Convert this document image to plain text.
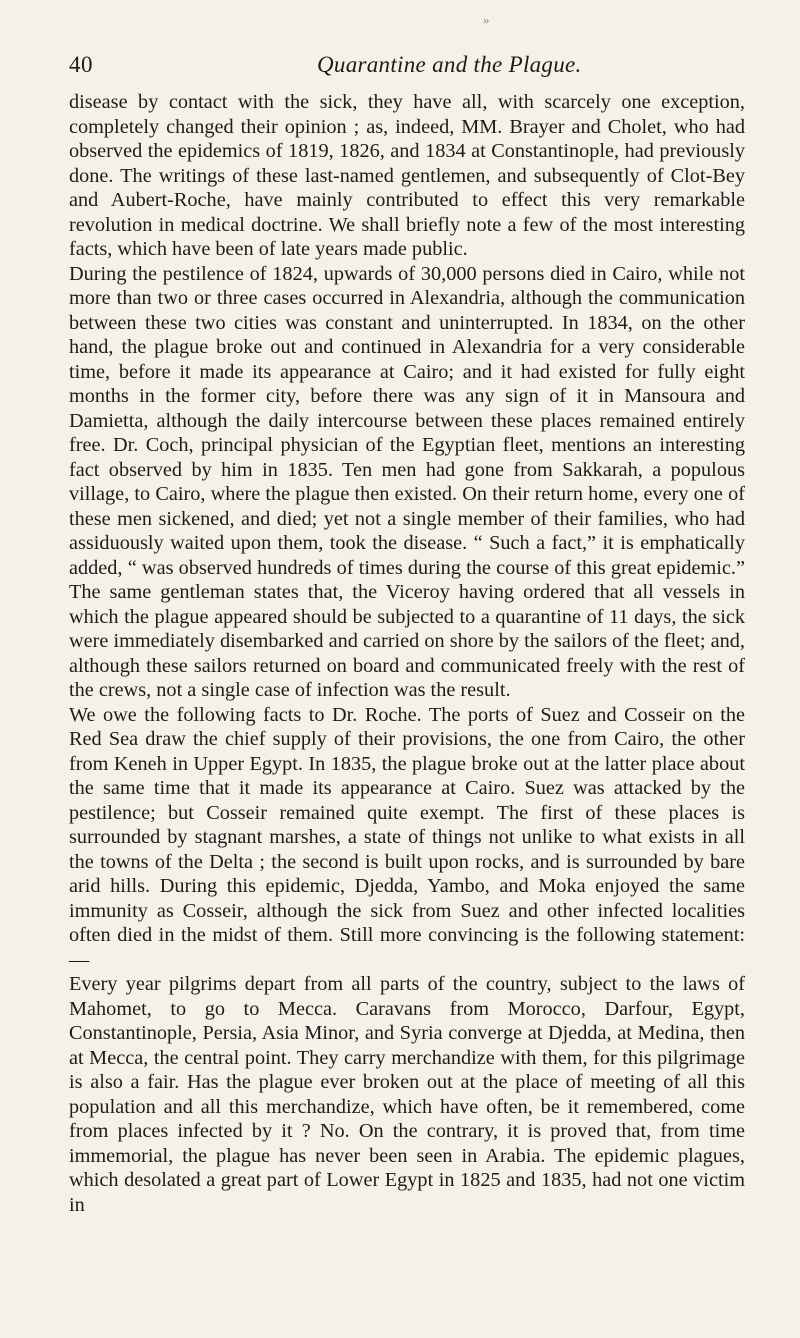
»
40	Quarantine and the Plague.

disease by contact with the sick, they have all, with scarcely one exception, completely changed their opinion ; as, indeed, MM. Brayer and Cholet, who had observed the epidemics of 1819, 1826, and 1834 at Constantinople, had previously done. The writings of these last-named gentlemen, and subsequently of Clot-Bey and Aubert-Roche, have mainly contributed to effect this very remarkable revolution in medical doctrine. We shall briefly note a few of the most interesting facts, which have been of late years made public.

During the pestilence of 1824, upwards of 30,000 persons died in Cairo, while not more than two or three cases occurred in Alexandria, although the communication between these two cities was constant and uninterrupted. In 1834, on the other hand, the plague broke out and continued in Alexandria for a very considerable time, before it made its appearance at Cairo; and it had existed for fully eight months in the former city, before there was any sign of it in Mansoura and Damietta, although the daily intercourse between these places remained entirely free. Dr. Coch, principal physician of the Egyptian fleet, mentions an interesting fact observed by him in 1835. Ten men had gone from Sakkarah, a populous village, to Cairo, where the plague then existed. On their return home, every one of these men sickened, and died; yet not a single member of their families, who had assiduously waited upon them, took the disease. “ Such a fact,” it is emphatically added, “ was observed hundreds of times during the course of this great epidemic.” The same gentleman states that, the Viceroy having ordered that all vessels in which the plague appeared should be subjected to a quarantine of 11 days, the sick were immediately disembarked and carried on shore by the sailors of the fleet; and, although these sailors returned on board and communicated freely with the rest of the crews, not a single case of infection was the result.

We owe the following facts to Dr. Roche. The ports of Suez and Cosseir on the Red Sea draw the chief supply of their provisions, the one from Cairo, the other from Keneh in Upper Egypt. In 1835, the plague broke out at the latter place about the same time that it made its appearance at Cairo. Suez was attacked by the pestilence; but Cosseir remained quite exempt. The first of these places is surrounded by stagnant marshes, a state of things not unlike to what exists in all the towns of the Delta ; the second is built upon rocks, and is surrounded by bare arid hills. During this epidemic, Djedda, Yambo, and Moka enjoyed the same immunity as Cosseir, although the sick from Suez and other infected localities often died in the midst of them. Still more convincing is the following statement:—

Every year pilgrims depart from all parts of the country, subject to the laws of Mahomet, to go to Mecca. Caravans from Morocco, Darfour, Egypt, Constantinople, Persia, Asia Minor, and Syria converge at Djedda, at Medina, then at Mecca, the central point. They carry merchandize with them, for this pilgrimage is also a fair. Has the plague ever broken out at the place of meeting of all this population and all this merchandize, which have often, be it remembered, come from places infected by it ? No. On the contrary, it is proved that, from time immemorial, the plague has never been seen in Arabia. The epidemic plagues, which desolated a great part of Lower Egypt in 1825 and 1835, had not one victim in
